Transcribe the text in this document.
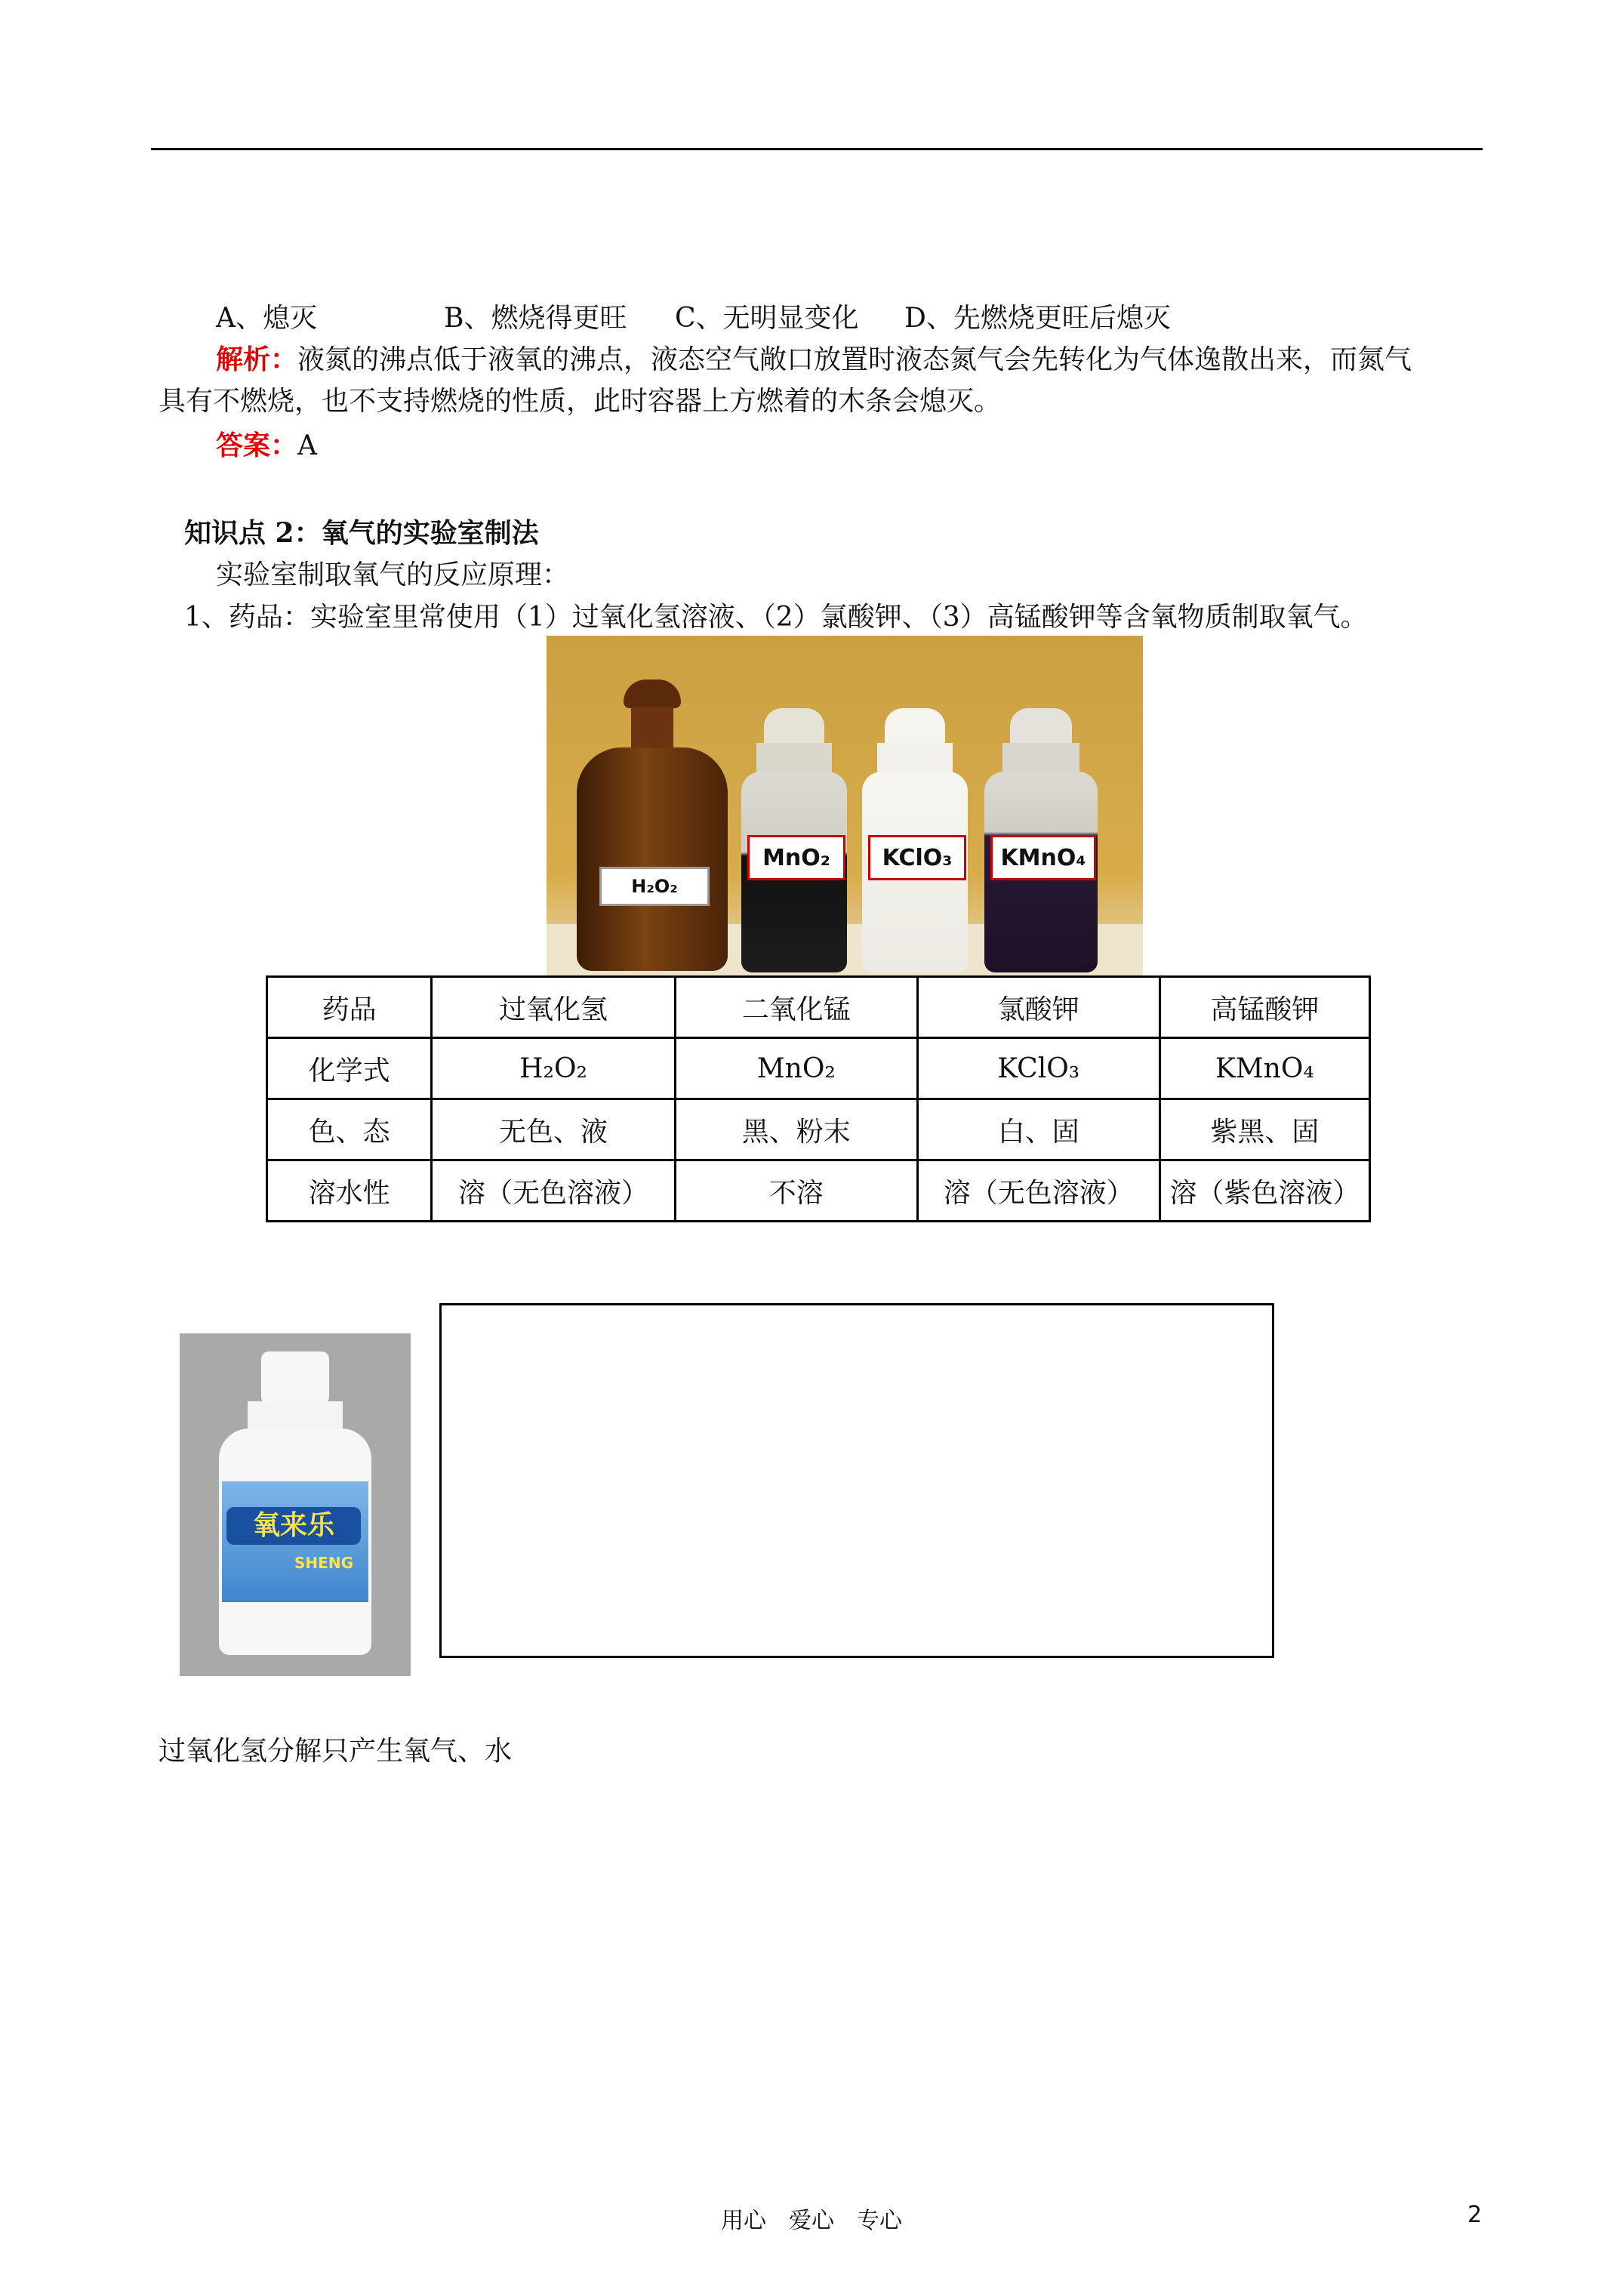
A、熄灭	B、燃烧得更旺 C、无明显变化 D、先燃烧更旺后熄灭
解析：液氮的沸点低于液氧的沸点，液态空气敞口放置时液态氮气会先转化为气体逸散出来，而氮气
具有不燃烧，也不支持燃烧的性质，此时容器上方燃着的木条会熄灭。
答案：A
知识点 2：氧气的实验室制法
实验室制取氧气的反应原理：
1、药品：实验室里常使用（1）过氧化氢溶液、（2）氯酸钾、（3）高锰酸钾等含氧物质制取氧气。
H₂O₂
MnO₂	KClO₃	KMnO₄
药品	过氧化氢	二氧化锰	氯酸钾	高锰酸钾
化学式	H₂O₂	MnO₂	KClO₃	KMnO₄
色、态	无色、液	黑、粉末	白、固	紫黑、固
溶水性	溶（无色溶液）	不溶	溶（无色溶液）	溶（紫色溶液）
氧来乐
SHENG
过氧化氢分解只产生氧气、水
用心　爱心　专心	2
